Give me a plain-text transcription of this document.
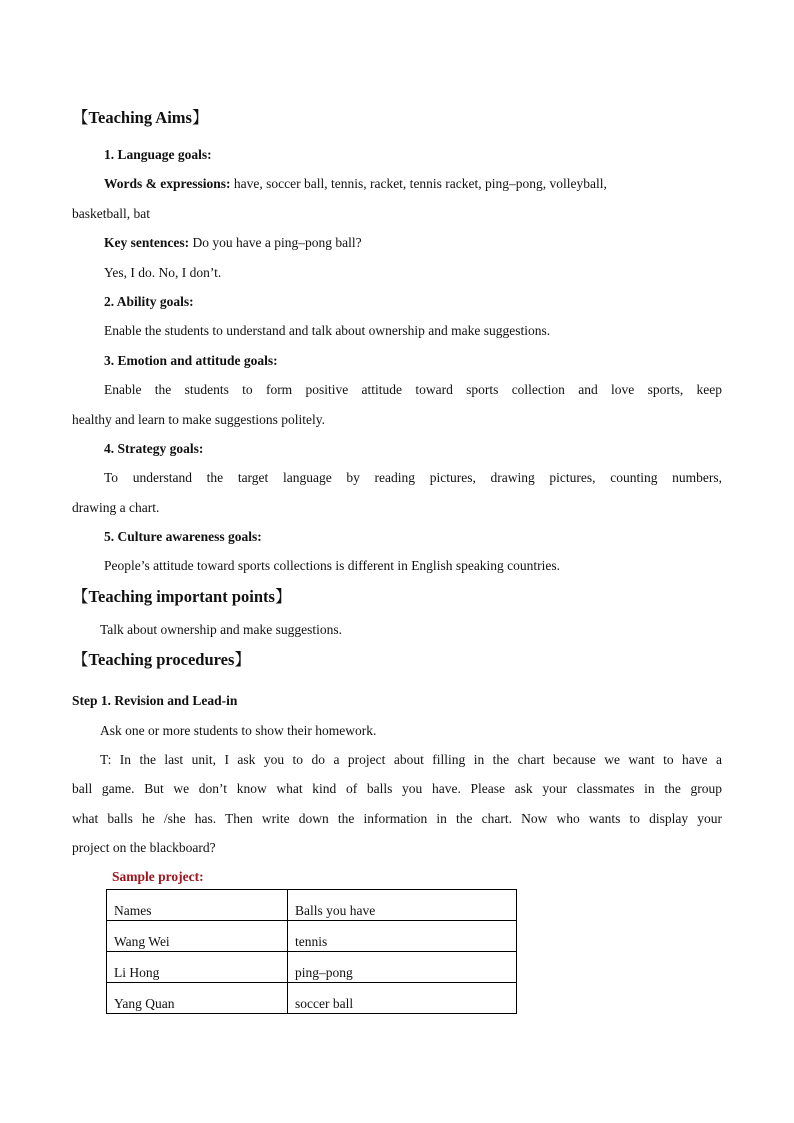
【Teaching Aims】
1. Language goals:
Words & expressions: have, soccer ball, tennis, racket, tennis racket, ping–pong, volleyball,
basketball, bat
Key sentences: Do you have a ping–pong ball?
Yes, I do. No, I don’t.
2. Ability goals:
Enable the students to understand and talk about ownership and make suggestions.
3. Emotion and attitude goals:
Enable the students to form positive attitude toward sports collection and love sports, keep
healthy and learn to make suggestions politely.
4. Strategy goals:
To understand the target language by reading pictures, drawing pictures, counting numbers,
drawing a chart.
5. Culture awareness goals:
People’s attitude toward sports collections is different in English speaking countries.
【Teaching important points】
Talk about ownership and make suggestions.
【Teaching procedures】
Step 1. Revision and Lead-in
Ask one or more students to show their homework.
T: In the last unit, I ask you to do a project about filling in the chart because we want to have a
ball game. But we don’t know what kind of balls you have. Please ask your classmates in the group
what balls he /she has. Then write down the information in the chart. Now who wants to display your
project on the blackboard?
Sample project:
Names	Balls you have
Wang Wei	tennis
Li Hong	ping–pong
Yang Quan	soccer ball
